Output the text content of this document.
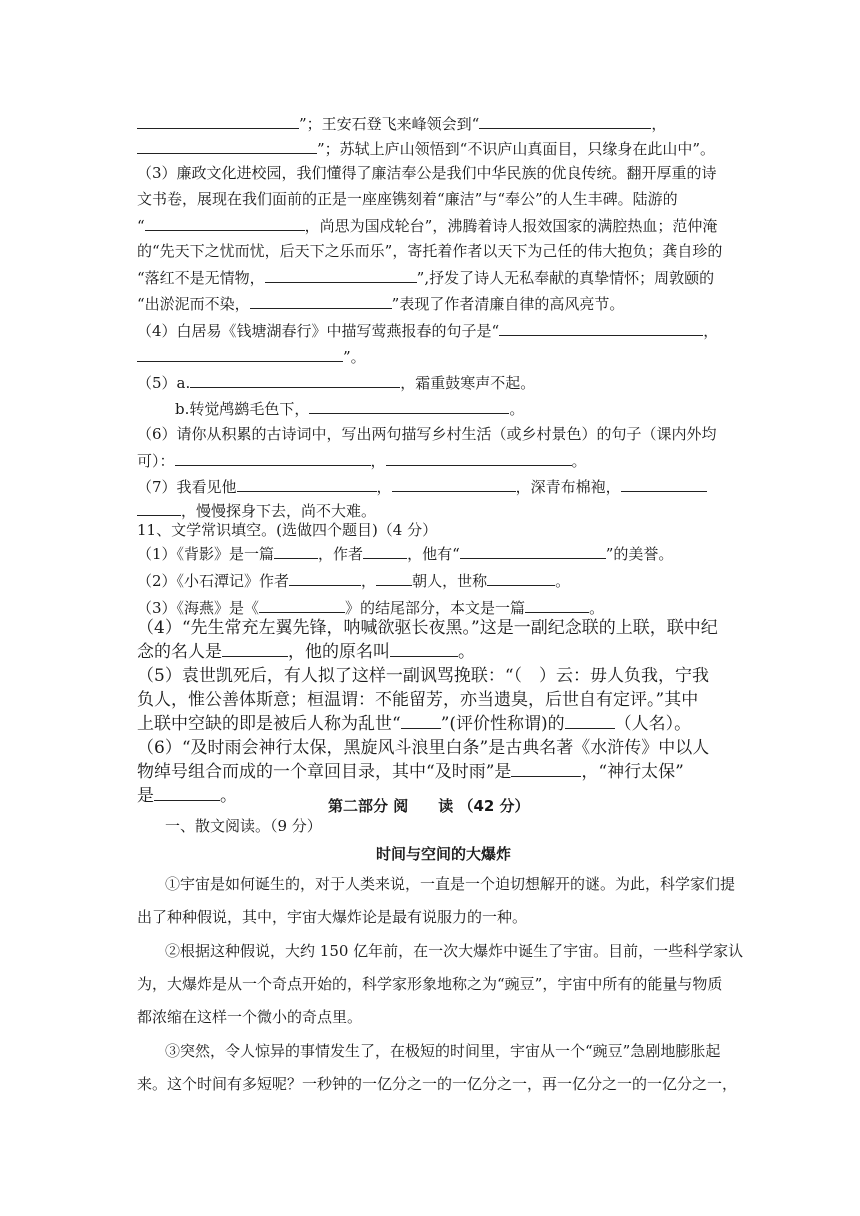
”；王安石登飞来峰领会到“	，
”；苏轼上庐山领悟到“不识庐山真面目，只缘身在此山中”。
（3）廉政文化进校园，我们懂得了廉洁奉公是我们中华民族的优良传统。翻开厚重的诗
文书卷，展现在我们面前的正是一座座镌刻着“廉洁”与“奉公”的人生丰碑。陆游的
“	，尚思为国戍轮台”，沸腾着诗人报效国家的满腔热血；范仲淹
的“先天下之忧而忧，后天下之乐而乐”，寄托着作者以天下为己任的伟大抱负；龚自珍的
“落红不是无情物，	”,抒发了诗人无私奉献的真挚情怀；周敦颐的
“出淤泥而不染，	”表现了作者清廉自律的高风亮节。
（4）白居易《钱塘湖春行》中描写莺燕报春的句子是“	，
”。
（5）a.	，霜重鼓寒声不起。
b.转觉鸬鹚毛色下，	。
（6）请你从积累的古诗词中，写出两句描写乡村生活（或乡村景色）的句子（课内外均
可）：	，	。
（7）我看见他	，	，深青布棉袍，
，慢慢探身下去，尚不大难。
11、文学常识填空。(选做四个题目)（4 分）
（1）《背影》是一篇	，作者	，他有“	”的美誉。
（2）《小石潭记》作者	， 朝人，世称	。
（3）《海燕》是《	》的结尾部分，本文是一篇	。
（4）“先生常充左翼先锋，呐喊欲驱长夜黑。”这是一副纪念联的上联，联中纪
念的名人是	，他的原名叫	。
（5）袁世凯死后，有人拟了这样一副讽骂挽联：“（　）云：毋人负我，宁我
负人，惟公善体斯意；桓温谓：不能留芳，亦当遗臭，后世自有定评。”其中
上联中空缺的即是被后人称为乱世“ ”(评价性称谓)的	（人名）。
（6）“及时雨会神行太保，黑旋风斗浪里白条”是古典名著《水浒传》中以人
物绰号组合而成的一个章回目录，其中“及时雨”是	，“神行太保”
是	。	第二部分 阅　　读 （42 分）
一、散文阅读。（9 分）
时间与空间的大爆炸
①宇宙是如何诞生的，对于人类来说，一直是一个迫切想解开的谜。为此，科学家们提
出了种种假说，其中，宇宙大爆炸论是最有说服力的一种。
②根据这种假说，大约 150 亿年前，在一次大爆炸中诞生了宇宙。目前，一些科学家认
为，大爆炸是从一个奇点开始的，科学家形象地称之为“豌豆”，宇宙中所有的能量与物质
都浓缩在这样一个微小的奇点里。
③突然，令人惊异的事情发生了，在极短的时间里，宇宙从一个“豌豆”急剧地膨胀起
来。这个时间有多短呢？一秒钟的一亿分之一的一亿分之一，再一亿分之一的一亿分之一，
